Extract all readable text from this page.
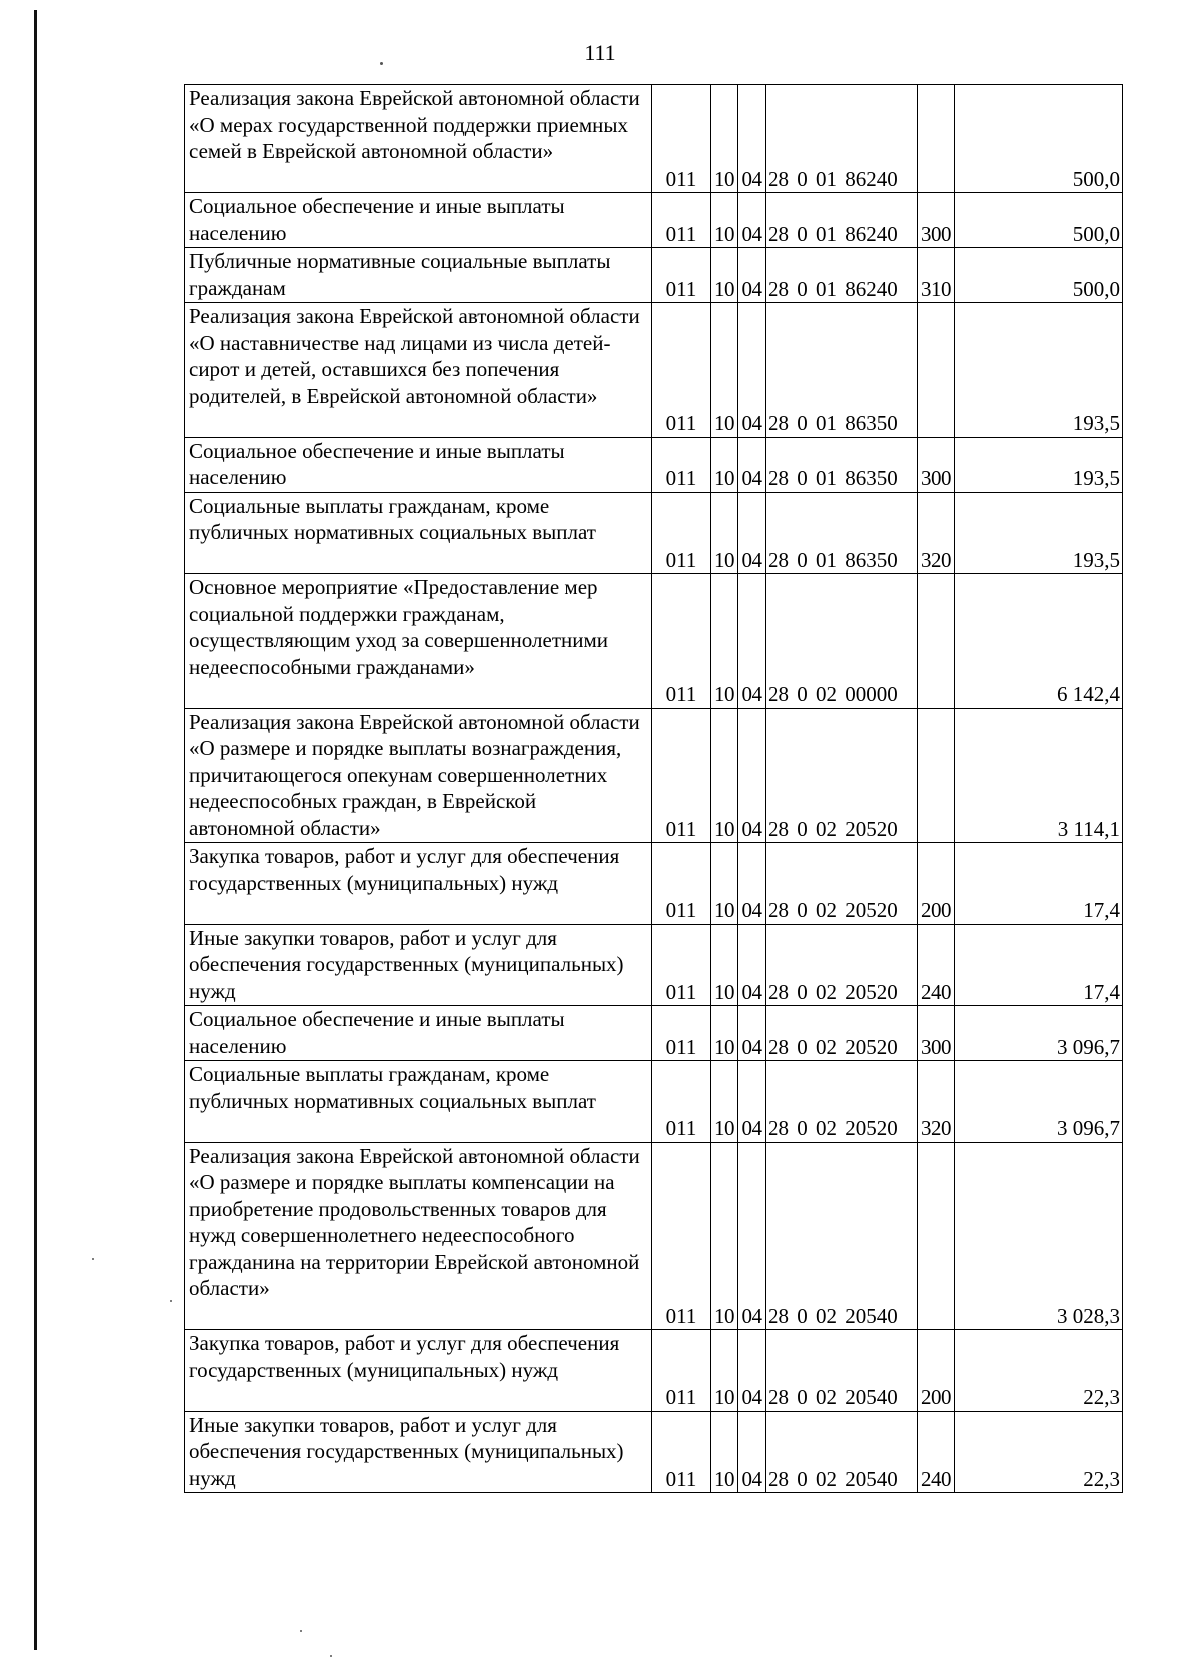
111
Реализация закона Еврейской автономной области «О мерах государственной поддержки приемных семей в Еврейской автономной области»	011	10	04	28 0 01 86240		500,0
Социальное обеспечение и иные выплаты населению	011	10	04	28 0 01 86240	300	500,0
Публичные нормативные социальные выплаты гражданам	011	10	04	28 0 01 86240	310	500,0
Реализация закона Еврейской автономной области «О наставничестве над лицами из числа детей-сирот и детей, оставшихся без попечения родителей, в Еврейской автономной области»	011	10	04	28 0 01 86350		193,5
Социальное обеспечение и иные выплаты населению	011	10	04	28 0 01 86350	300	193,5
Социальные выплаты гражданам, кроме публичных нормативных социальных выплат	011	10	04	28 0 01 86350	320	193,5
Основное мероприятие «Предоставление мер социальной поддержки гражданам, осуществляющим уход за совершеннолетними недееспособными гражданами»	011	10	04	28 0 02 00000		6 142,4
Реализация закона Еврейской автономной области «О размере и порядке выплаты вознаграждения, причитающегося опекунам совершеннолетних недееспособных граждан, в Еврейской автономной области»	011	10	04	28 0 02 20520		3 114,1
Закупка товаров, работ и услуг для обеспечения государственных (муниципальных) нужд	011	10	04	28 0 02 20520	200	17,4
Иные закупки товаров, работ и услуг для обеспечения государственных (муниципальных) нужд	011	10	04	28 0 02 20520	240	17,4
Социальное обеспечение и иные выплаты населению	011	10	04	28 0 02 20520	300	3 096,7
Социальные выплаты гражданам, кроме публичных нормативных социальных выплат	011	10	04	28 0 02 20520	320	3 096,7
Реализация закона Еврейской автономной области «О размере и порядке выплаты компенсации на приобретение продовольственных товаров для нужд совершеннолетнего недееспособного гражданина на территории Еврейской автономной области»	011	10	04	28 0 02 20540		3 028,3
Закупка товаров, работ и услуг для обеспечения государственных (муниципальных) нужд	011	10	04	28 0 02 20540	200	22,3
Иные закупки товаров, работ и услуг для обеспечения государственных (муниципальных) нужд	011	10	04	28 0 02 20540	240	22,3
